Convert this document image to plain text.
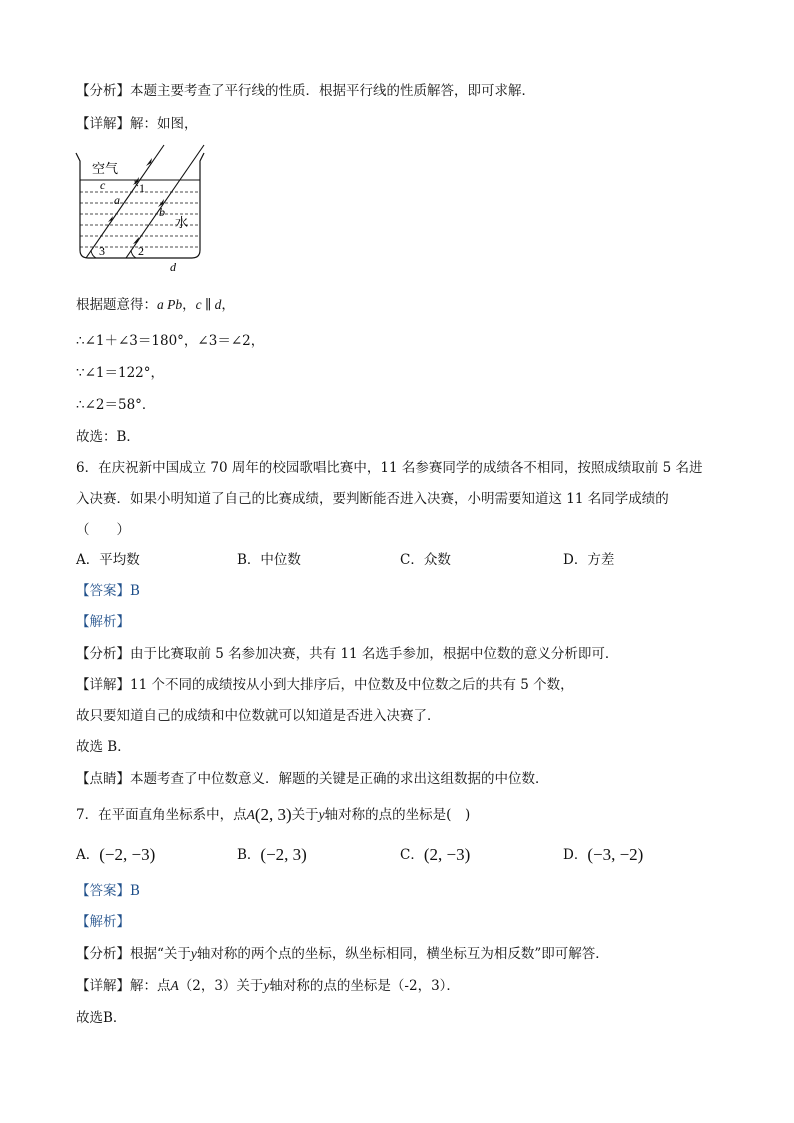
【分析】本题主要考查了平行线的性质．根据平行线的性质解答，即可求解．
【详解】解：如图，
空气
c	1
a
b
水
3	2
d
根据题意得：a Pb，c ∥ d，
∴∠1＋∠3＝180°，∠3＝∠2，
∵∠1＝122°，
∴∠2＝58°．
故选：B．
6．在庆祝新中国成立 70 周年的校园歌唱比赛中，11 名参赛同学的成绩各不相同，按照成绩取前 5 名进
入决赛．如果小明知道了自己的比赛成绩，要判断能否进入决赛，小明需要知道这 11 名同学成绩的
（　　）
A．平均数	B．中位数	C．众数	D．方差
【答案】B
【解析】
【分析】由于比赛取前 5 名参加决赛，共有 11 名选手参加，根据中位数的意义分析即可．
【详解】11 个不同的成绩按从小到大排序后，中位数及中位数之后的共有 5 个数，
故只要知道自己的成绩和中位数就可以知道是否进入决赛了．
故选 B．
【点睛】本题考查了中位数意义．解题的关键是正确的求出这组数据的中位数．
7．在平面直角坐标系中，点A(2, 3)关于y轴对称的点的坐标是(　)
A．(−2, −3)	B．(−2, 3)	C．(2, −3)	D．(−3, −2)
【答案】B
【解析】
【分析】根据“关于y轴对称的两个点的坐标，纵坐标相同，横坐标互为相反数”即可解答．
【详解】解：点A（2，3）关于y轴对称的点的坐标是（-2，3）．
故选B．
